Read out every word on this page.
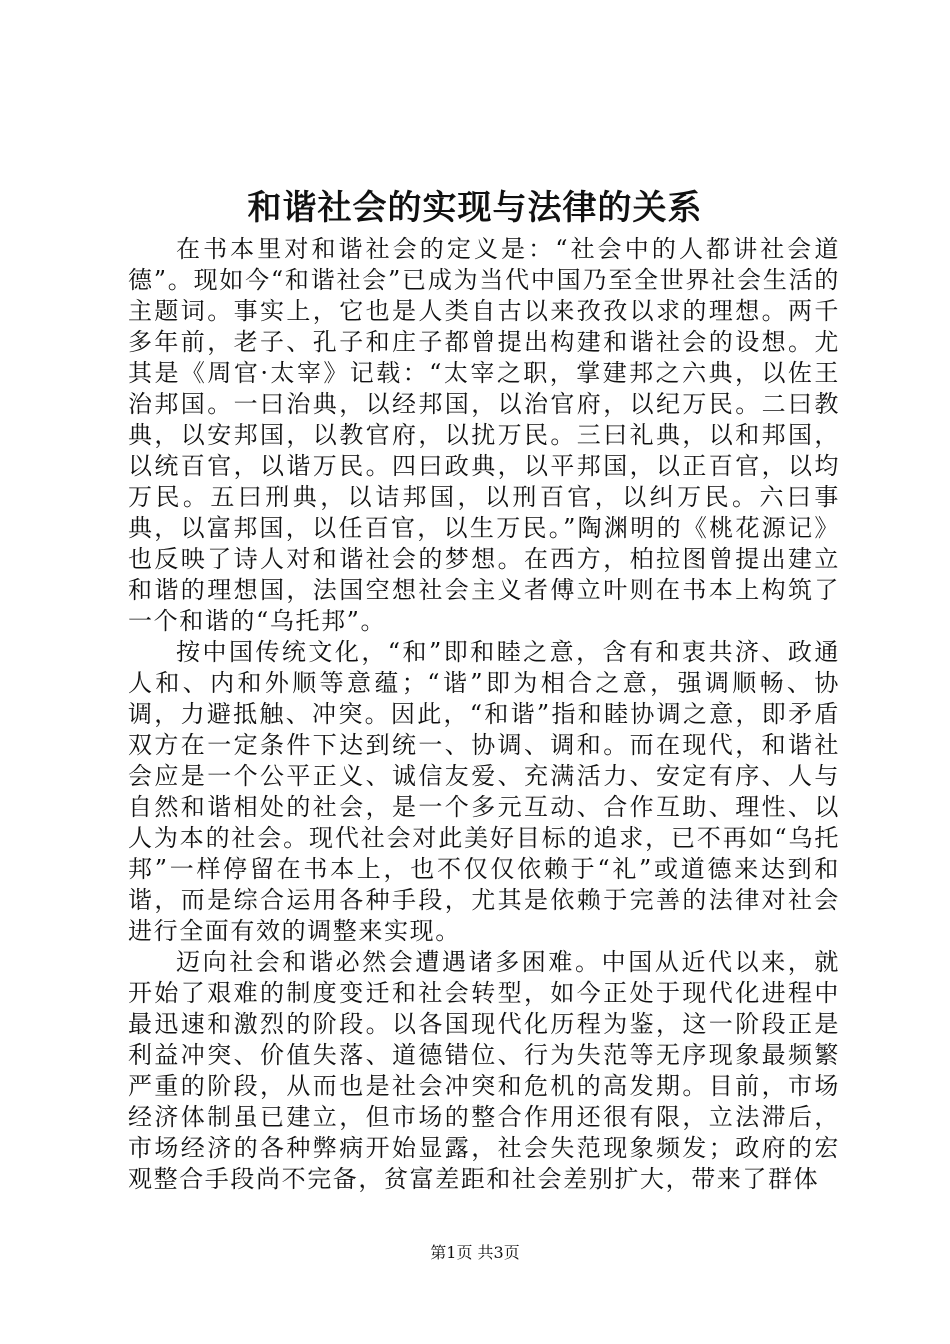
和谐社会的实现与法律的关系

在书本里对和谐社会的定义是：“社会中的人都讲社会道德”。现如今“和谐社会”已成为当代中国乃至全世界社会生活的主题词。事实上，它也是人类自古以来孜孜以求的理想。两千多年前，老子、孔子和庄子都曾提出构建和谐社会的设想。尤其是《周官·太宰》记载：“太宰之职，掌建邦之六典，以佐王治邦国。一曰治典，以经邦国，以治官府，以纪万民。二曰教典，以安邦国，以教官府，以扰万民。三曰礼典，以和邦国，以统百官，以谐万民。四曰政典，以平邦国，以正百官，以均万民。五曰刑典，以诘邦国，以刑百官，以纠万民。六曰事典，以富邦国，以任百官，以生万民。”陶渊明的《桃花源记》也反映了诗人对和谐社会的梦想。在西方，柏拉图曾提出建立和谐的理想国，法国空想社会主义者傅立叶则在书本上构筑了一个和谐的“乌托邦”。

按中国传统文化，“和”即和睦之意，含有和衷共济、政通人和、内和外顺等意蕴；“谐”即为相合之意，强调顺畅、协调，力避抵触、冲突。因此，“和谐”指和睦协调之意，即矛盾双方在一定条件下达到统一、协调、调和。而在现代，和谐社会应是一个公平正义、诚信友爱、充满活力、安定有序、人与自然和谐相处的社会，是一个多元互动、合作互助、理性、以人为本的社会。现代社会对此美好目标的追求，已不再如“乌托邦”一样停留在书本上，也不仅仅依赖于“礼”或道德来达到和谐，而是综合运用各种手段，尤其是依赖于完善的法律对社会进行全面有效的调整来实现。

迈向社会和谐必然会遭遇诸多困难。中国从近代以来，就开始了艰难的制度变迁和社会转型，如今正处于现代化进程中最迅速和激烈的阶段。以各国现代化历程为鉴，这一阶段正是利益冲突、价值失落、道德错位、行为失范等无序现象最频繁严重的阶段，从而也是社会冲突和危机的高发期。目前，市场经济体制虽已建立，但市场的整合作用还很有限，立法滞后，市场经济的各种弊病开始显露，社会失范现象频发；政府的宏观整合手段尚不完备，贫富差距和社会差别扩大，带来了群体

第1页 共3页
